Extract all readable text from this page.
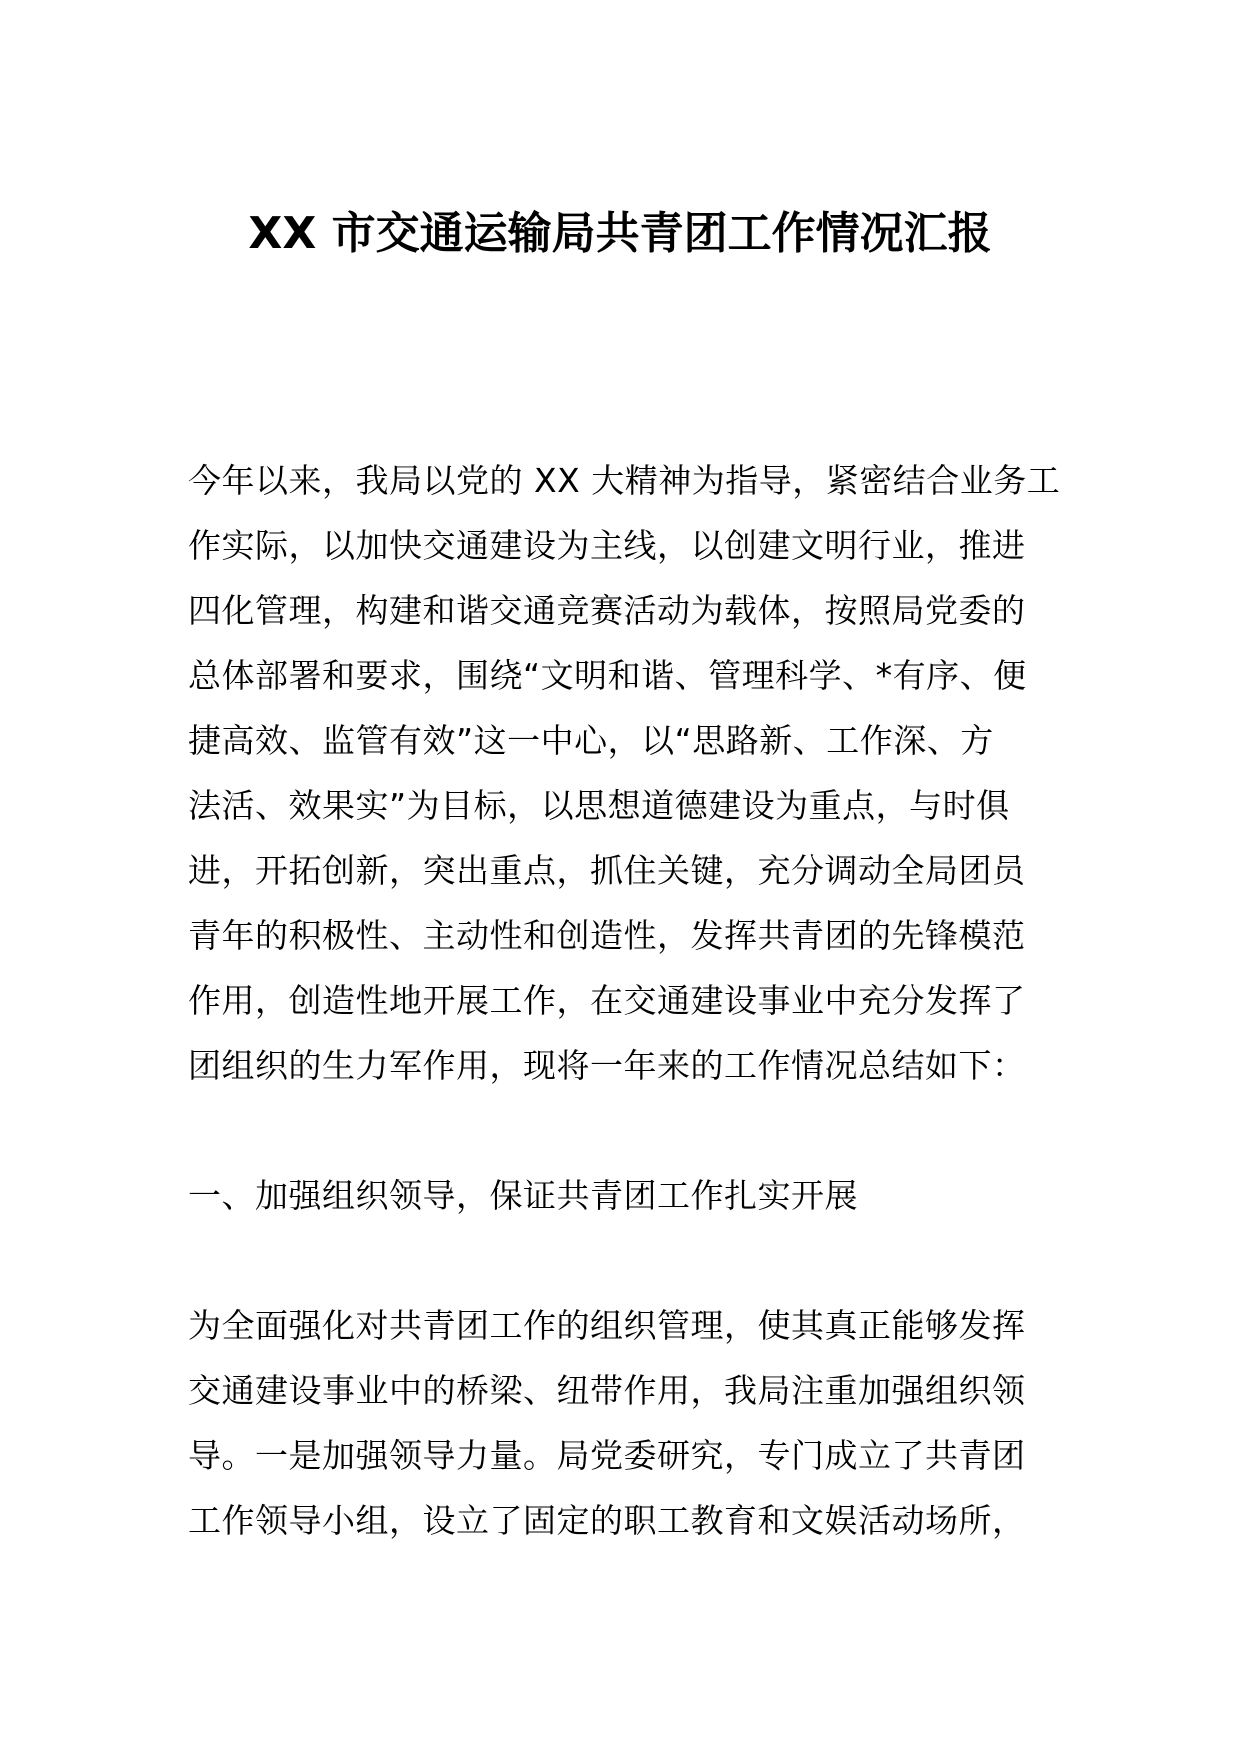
XX 市交通运输局共青团工作情况汇报
今年以来，我局以党的 XX 大精神为指导，紧密结合业务工
作实际，以加快交通建设为主线，以创建文明行业，推进
四化管理，构建和谐交通竞赛活动为载体，按照局党委的
总体部署和要求，围绕“文明和谐、管理科学、*有序、便
捷高效、监管有效”这一中心，以“思路新、工作深、方
法活、效果实”为目标，以思想道德建设为重点，与时俱
进，开拓创新，突出重点，抓住关键，充分调动全局团员
青年的积极性、主动性和创造性，发挥共青团的先锋模范
作用，创造性地开展工作，在交通建设事业中充分发挥了
团组织的生力军作用，现将一年来的工作情况总结如下：
一、加强组织领导，保证共青团工作扎实开展
为全面强化对共青团工作的组织管理，使其真正能够发挥
交通建设事业中的桥梁、纽带作用，我局注重加强组织领
导。一是加强领导力量。局党委研究，专门成立了共青团
工作领导小组，设立了固定的职工教育和文娱活动场所，
